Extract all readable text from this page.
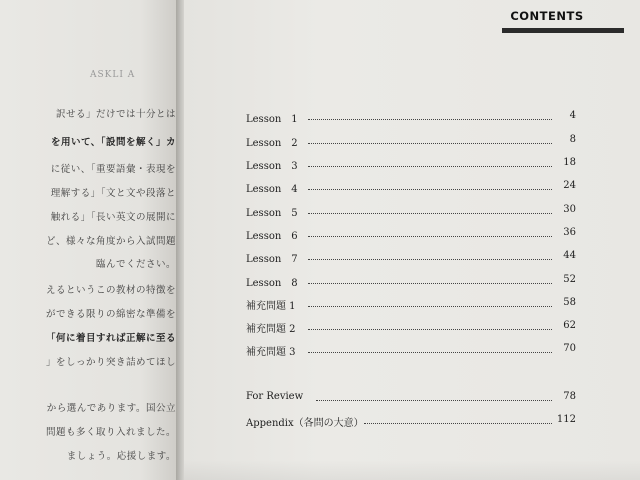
ASKLI A
訳せる」だけでは十分とは
を用いて、「設問を解く」カ
に従い、「重要語彙・表現を
理解する」「文と文や段落と
触れる」「長い英文の展開に
ど、様々な角度から入試問題
臨んでください。
えるというこの教材の特徴を
ができる限りの綿密な準備を
「何に着目すれば正解に至る
」をしっかり突き詰めてほし
から選んであります。国公立
問題も多く取り入れました。
ましょう。応援します。
CONTENTS
Lesson　1	4
Lesson　2	8
Lesson　3	18
Lesson　4	24
Lesson　5	30
Lesson　6	36
Lesson　7	44
Lesson　8	52
補充問題 1	58
補充問題 2	62
補充問題 3	70
For Review	78
Appendix（各問の大意）	112
